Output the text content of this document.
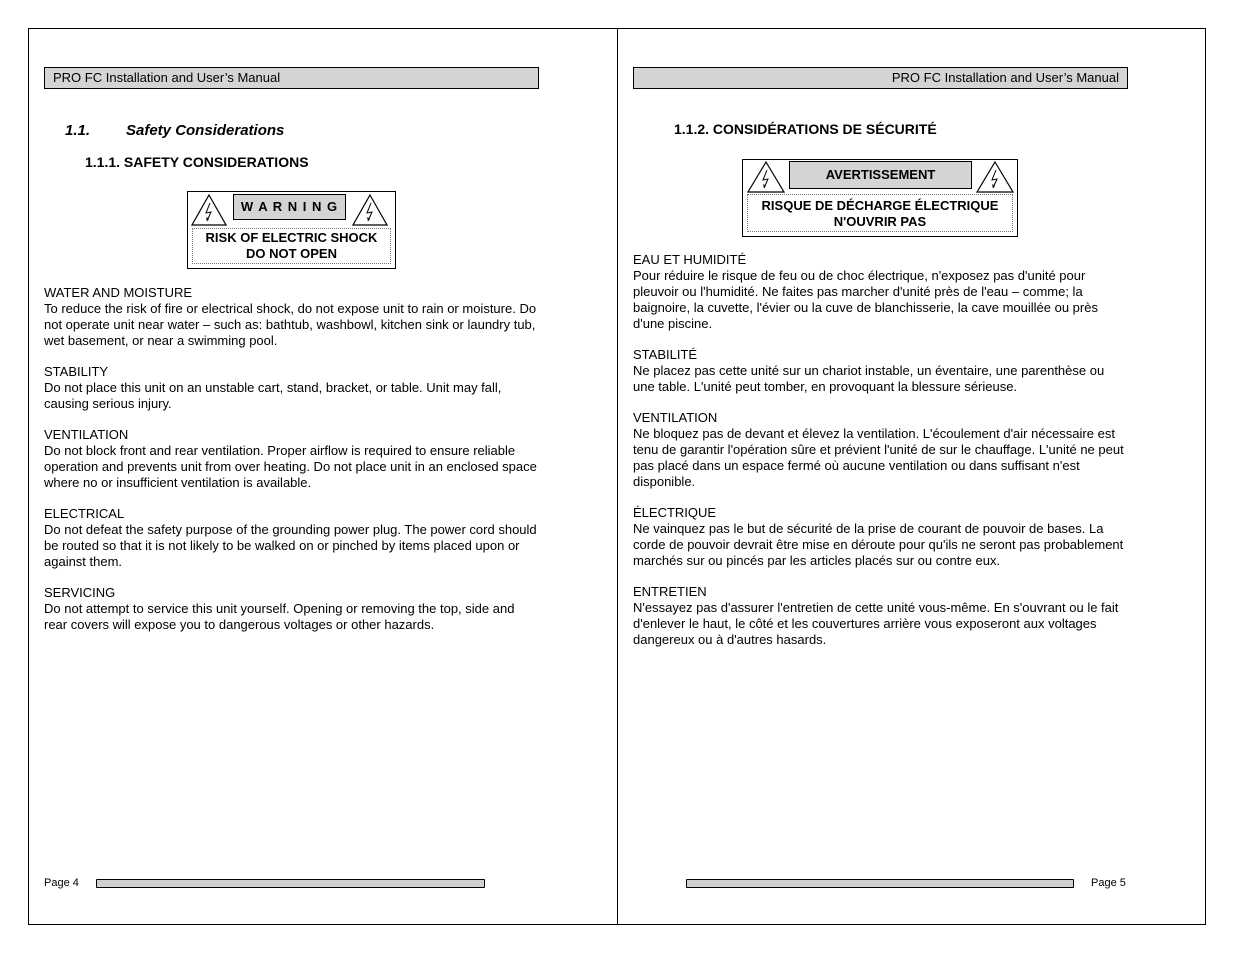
PRO FC Installation and User’s Manual
1.1. Safety Considerations
1.1.1. SAFETY CONSIDERATIONS
W A R N I N G
RISK OF ELECTRIC SHOCK
DO NOT OPEN
WATER AND MOISTURE
To reduce the risk of fire or electrical shock, do not expose unit to rain or moisture. Do not operate unit near water – such as: bathtub, washbowl, kitchen sink or laundry tub, wet basement, or near a swimming pool.
STABILITY
Do not place this unit on an unstable cart, stand, bracket, or table. Unit may fall, causing serious injury.
VENTILATION
Do not block front and rear ventilation. Proper airflow is required to ensure reliable operation and prevents unit from over heating. Do not place unit in an enclosed space where no or insufficient ventilation is available.
ELECTRICAL
Do not defeat the safety purpose of the grounding power plug. The power cord should be routed so that it is not likely to be walked on or pinched by items placed upon or against them.
SERVICING
Do not attempt to service this unit yourself. Opening or removing the top, side and rear covers will expose you to dangerous voltages or other hazards.
Page 4
PRO FC Installation and User’s Manual
1.1.2. CONSIDÉRATIONS DE SÉCURITÉ
AVERTISSEMENT
RISQUE DE DÉCHARGE ÉLECTRIQUE
N'OUVRIR PAS
EAU ET HUMIDITÉ
Pour réduire le risque de feu ou de choc électrique, n'exposez pas d'unité pour pleuvoir ou l'humidité. Ne faites pas marcher d'unité près de l'eau – comme; la baignoire, la cuvette, l'évier ou la cuve de blanchisserie, la cave mouillée ou près d'une piscine.
STABILITÉ
Ne placez pas cette unité sur un chariot instable, un éventaire, une parenthèse ou une table. L'unité peut tomber, en provoquant la blessure sérieuse.
VENTILATION
Ne bloquez pas de devant et élevez la ventilation. L'écoulement d'air nécessaire est tenu de garantir l'opération sûre et prévient l'unité de sur le chauffage. L'unité ne peut pas placé dans un espace fermé où aucune ventilation ou dans suffisant n'est disponible.
ÉLECTRIQUE
Ne vainquez pas le but de sécurité de la prise de courant de pouvoir de bases. La corde de pouvoir devrait être mise en déroute pour qu'ils ne seront pas probablement marchés sur ou pincés par les articles placés sur ou contre eux.
ENTRETIEN
N'essayez pas d'assurer l'entretien de cette unité vous-même. En s'ouvrant ou le fait d'enlever le haut, le côté et les couvertures arrière vous exposeront aux voltages dangereux ou à d'autres hasards.
Page 5
